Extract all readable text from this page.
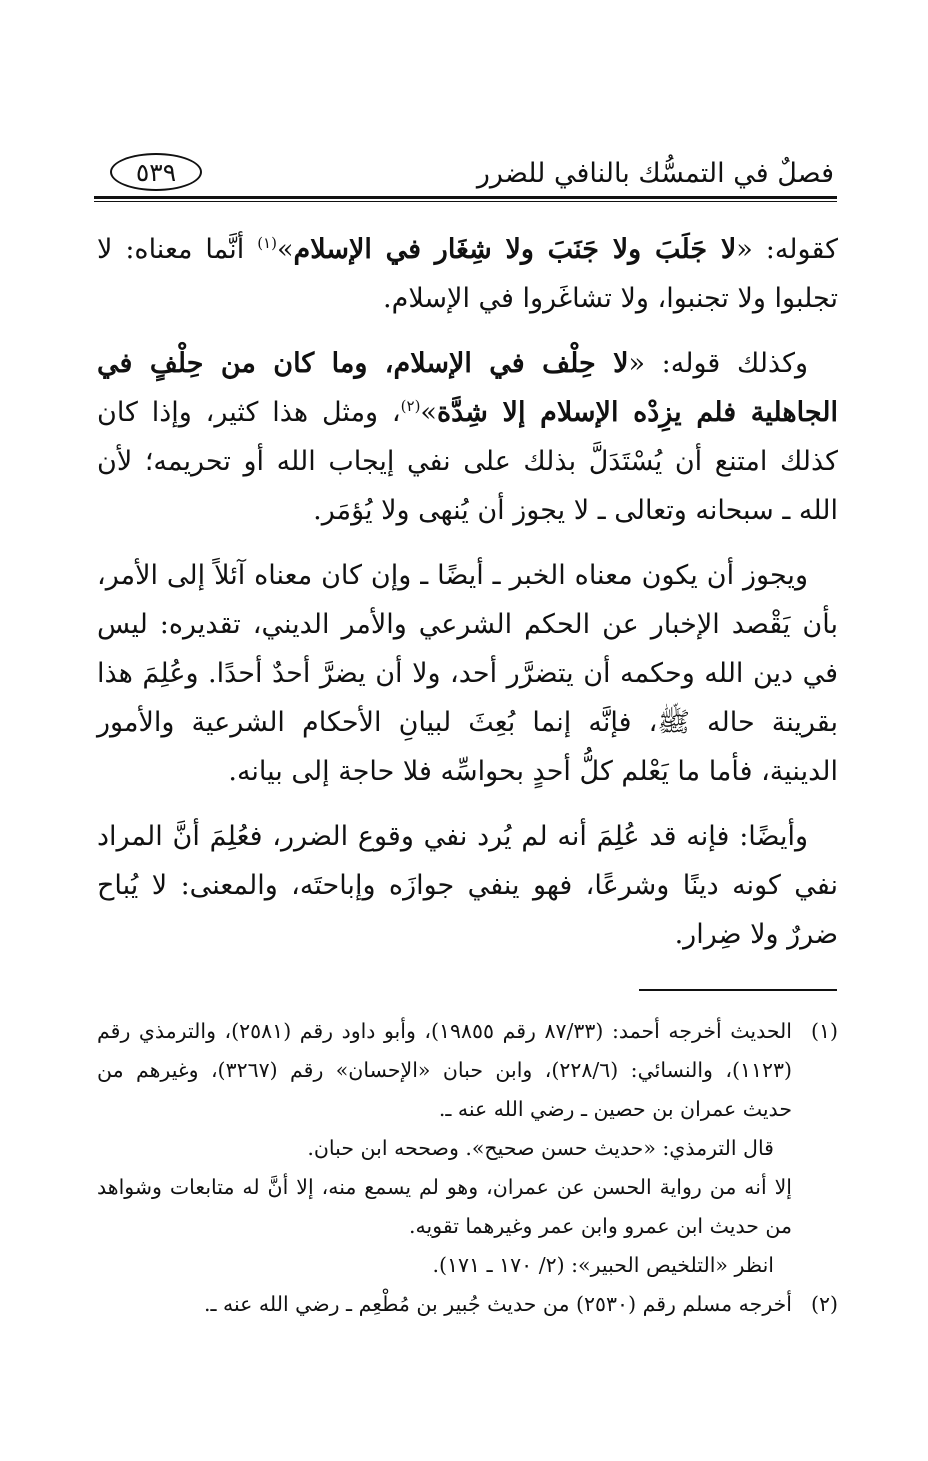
فصلٌ في التمسُّك بالنافي للضرر
٥٣٩

كقوله: «لا جَلَبَ ولا جَنَبَ ولا شِغَار في الإسلام»$^{(١)}$ أنَّما معناه: لا تجلبوا ولا تجنبوا، ولا تشاغَروا في الإسلام.

وكذلك قوله: «لا حِلْف في الإسلام، وما كان من حِلْفٍ في الجاهلية فلم يزِدْه الإسلام إلا شِدَّة»$^{(٢)}$، ومثل هذا كثير، وإذا كان كذلك امتنع أن يُسْتَدَلَّ بذلك على نفي إيجاب الله أو تحريمه؛ لأن الله ـ سبحانه وتعالى ـ لا يجوز أن يُنهى ولا يُؤمَر.

ويجوز أن يكون معناه الخبر ـ أيضًا ـ وإن كان معناه آئلاً إلى الأمر، بأن يَقْصد الإخبار عن الحكم الشرعي والأمر الديني، تقديره: ليس في دين الله وحكمه أن يتضرَّر أحد، ولا أن يضرَّ أحدٌ أحدًا. وعُلِمَ هذا بقرينة حاله ﷺ، فإنَّه إنما بُعِثَ لبيانِ الأحكام الشرعية والأمور الدينية، فأما ما يَعْلم كلُّ أحدٍ بحواسِّه فلا حاجة إلى بيانه.

وأيضًا: فإنه قد عُلِمَ أنه لم يُرد نفي وقوع الضرر، فعُلِمَ أنَّ المراد نفي كونه دينًا وشرعًا، فهو ينفي جوازَه وإباحتَه، والمعنى: لا يُباح ضررٌ ولا ضِرار.

(١)
الحديث أخرجه أحمد: (٨٧/٣٣ رقم ١٩٨٥٥)، وأبو داود رقم (٢٥٨١)، والترمذي رقم (١١٢٣)، والنسائي: (٢٢٨/٦)، وابن حبان «الإحسان» رقم (٣٢٦٧)، وغيرهم من حديث عمران بن حصين ـ رضي الله عنه ـ.
قال الترمذي: «حديث حسن صحيح». وصححه ابن حبان.
إلا أنه من رواية الحسن عن عمران، وهو لم يسمع منه، إلا أنَّ له متابعات وشواهد من حديث ابن عمرو وابن عمر وغيرهما تقويه.
انظر «التلخيص الحبير»: (٢/ ١٧٠ ـ ١٧١).
(٢)
أخرجه مسلم رقم (٢٥٣٠) من حديث جُبير بن مُطْعِم ـ رضي الله عنه ـ.
